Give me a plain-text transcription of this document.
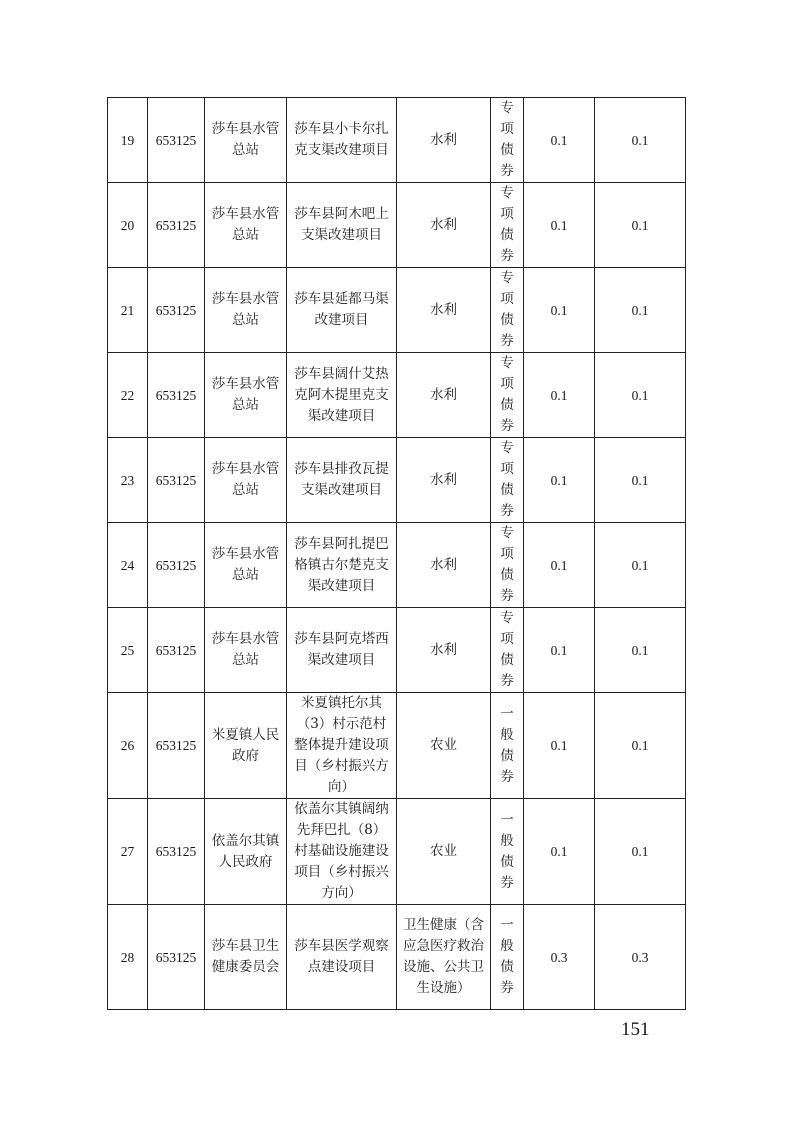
19	653125	莎车县水管总站	莎车县小卡尔扎克支渠改建项目	水利	专项债券	0.1	0.1
20	653125	莎车县水管总站	莎车县阿木吧上支渠改建项目	水利	专项债券	0.1	0.1
21	653125	莎车县水管总站	莎车县延都马渠改建项目	水利	专项债券	0.1	0.1
22	653125	莎车县水管总站	莎车县阔什艾热克阿木提里克支渠改建项目	水利	专项债券	0.1	0.1
23	653125	莎车县水管总站	莎车县排孜瓦提支渠改建项目	水利	专项债券	0.1	0.1
24	653125	莎车县水管总站	莎车县阿扎提巴格镇古尔楚克支渠改建项目	水利	专项债券	0.1	0.1
25	653125	莎车县水管总站	莎车县阿克塔西渠改建项目	水利	专项债券	0.1	0.1
26	653125	米夏镇人民政府	米夏镇托尔其（3）村示范村整体提升建设项目（乡村振兴方向）	农业	一般债券	0.1	0.1
27	653125	依盖尔其镇人民政府	依盖尔其镇阔纳先拜巴扎（8）村基础设施建设项目（乡村振兴方向）	农业	一般债券	0.1	0.1
28	653125	莎车县卫生健康委员会	莎车县医学观察点建设项目	卫生健康（含应急医疗救治设施、公共卫生设施）	一般债券	0.3	0.3
151
